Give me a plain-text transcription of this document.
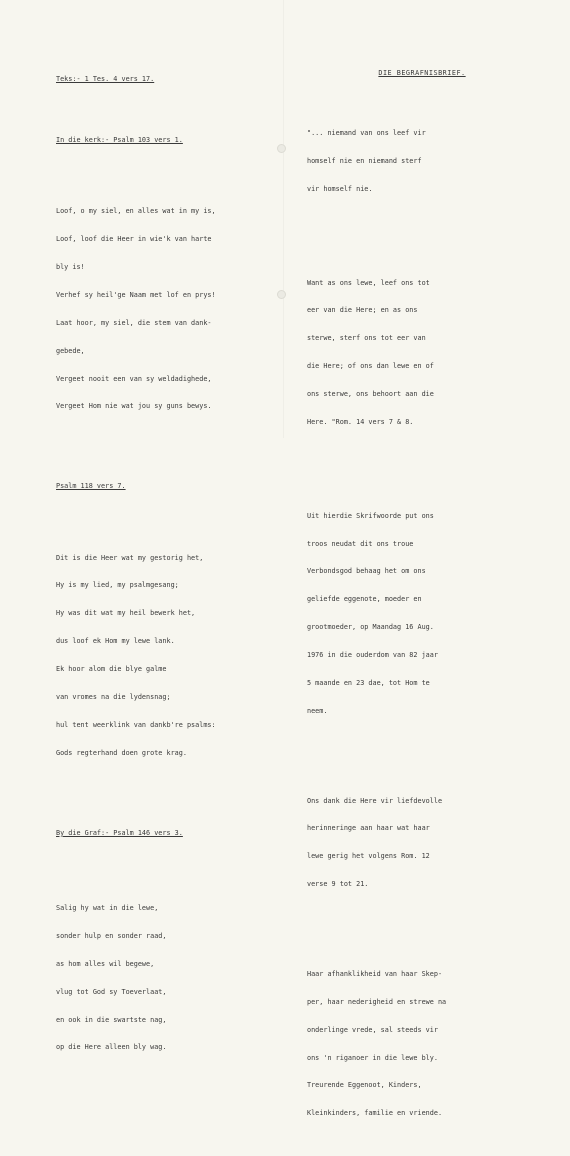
Teks:- 1 Tes. 4 vers 17.

In die kerk:- Psalm 103 vers 1.

Loof, o my siel, en alles wat in my is,

Loof, loof die Heer in wie'k van harte

bly is!

Verhef sy heil'ge Naam met lof en prys!

Laat hoor, my siel, die stem van dank-

gebede,

Vergeet nooit een van sy weldadighede,

Vergeet Hom nie wat jou sy guns bewys.

Psalm 118 vers 7.

Dit is die Heer wat my gestorig het,

Hy is my lied, my psalmgesang;

Hy was dit wat my heil bewerk het,

dus loof ek Hom my lewe lank.

Ek hoor alom die blye galme

van vromes na die lydensnag;

hul tent weerklink van dankb're psalms:

Gods regterhand doen grote krag.

By die Graf:- Psalm 146 vers 3.

Salig hy wat in die lewe,

sonder hulp en sonder raad,

as hom alles wil begewe,

vlug tot God sy Toeverlaat,

en ook in die swartste nag,

op die Here alleen bly wag.

DIE BEGRAFNISBRIEF.

"... niemand van ons leef vir

homself nie en niemand sterf

vir homself nie.

Want as ons lewe, leef ons tot

eer van die Here; en as ons

sterwe, sterf ons tot eer van

die Here; of ons dan lewe en of

ons sterwe, ons behoort aan die

Here. "Rom. 14 vers 7 & 8.

Uit hierdie Skrifwoorde put ons

troos neudat dit ons troue

Verbondsgod behaag het om ons

geliefde eggenote, moeder en

grootmoeder, op Maandag 16 Aug.

1976 in die ouderdom van 82 jaar

5 maande en 23 dae, tot Hom te

neem.

Ons dank die Here vir liefdevolle

herinneringe aan haar wat haar

lewe gerig het volgens Rom. 12

verse 9 tot 21.

Haar afhanklikheid van haar Skep-

per, haar nederigheid en strewe na

onderlinge vrede, sal steeds vir

ons 'n riganoer in die lewe bly.

Treurende Eggenoot, Kinders,

Kleinkinders, familie en vriende.
